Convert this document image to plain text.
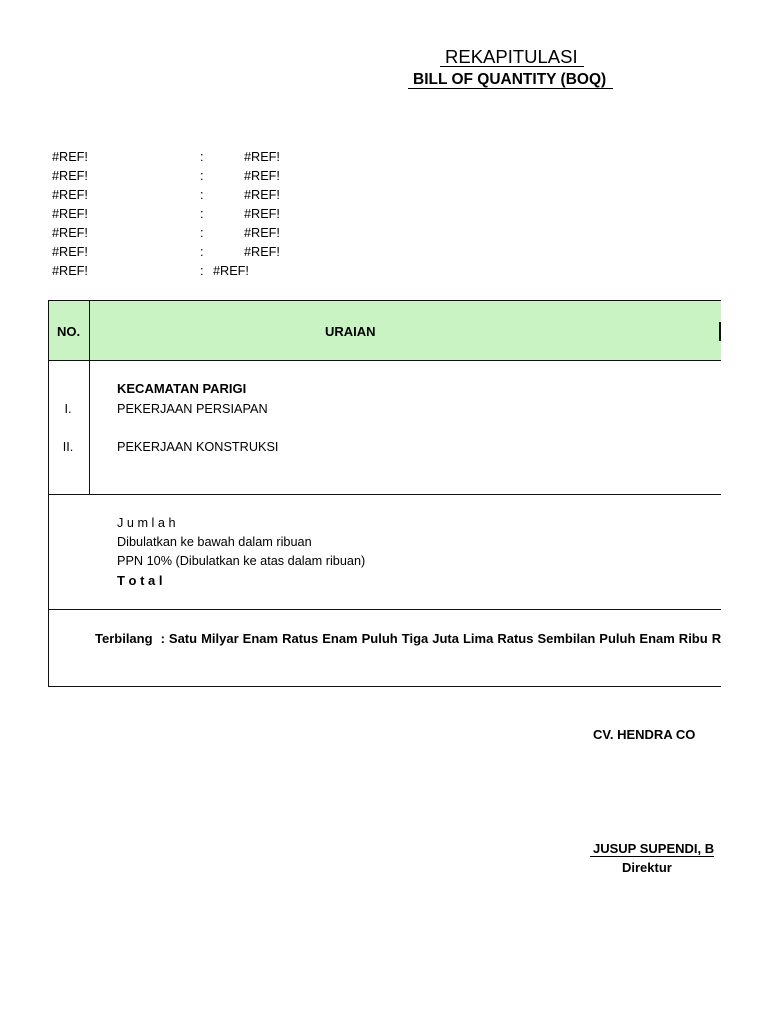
REKAPITULASI
BILL OF QUANTITY (BOQ)
#REF!	:	#REF!
#REF!	:	#REF!
#REF!	:	#REF!
#REF!	:	#REF!
#REF!	:	#REF!
#REF!	:	#REF!
#REF!	: #REF!
NO.	URAIAN
KECAMATAN PARIGI
I.	PEKERJAAN PERSIAPAN
II.	PEKERJAAN KONSTRUKSI
J u m l a h
Dibulatkan ke bawah dalam ribuan
PPN 10% (Dibulatkan ke atas dalam ribuan)
T o t a l
Terbilang  : Satu Milyar Enam Ratus Enam Puluh Tiga Juta Lima Ratus Sembilan Puluh Enam Ribu R
CV. HENDRA CO
JUSUP SUPENDI, B
Direktur
